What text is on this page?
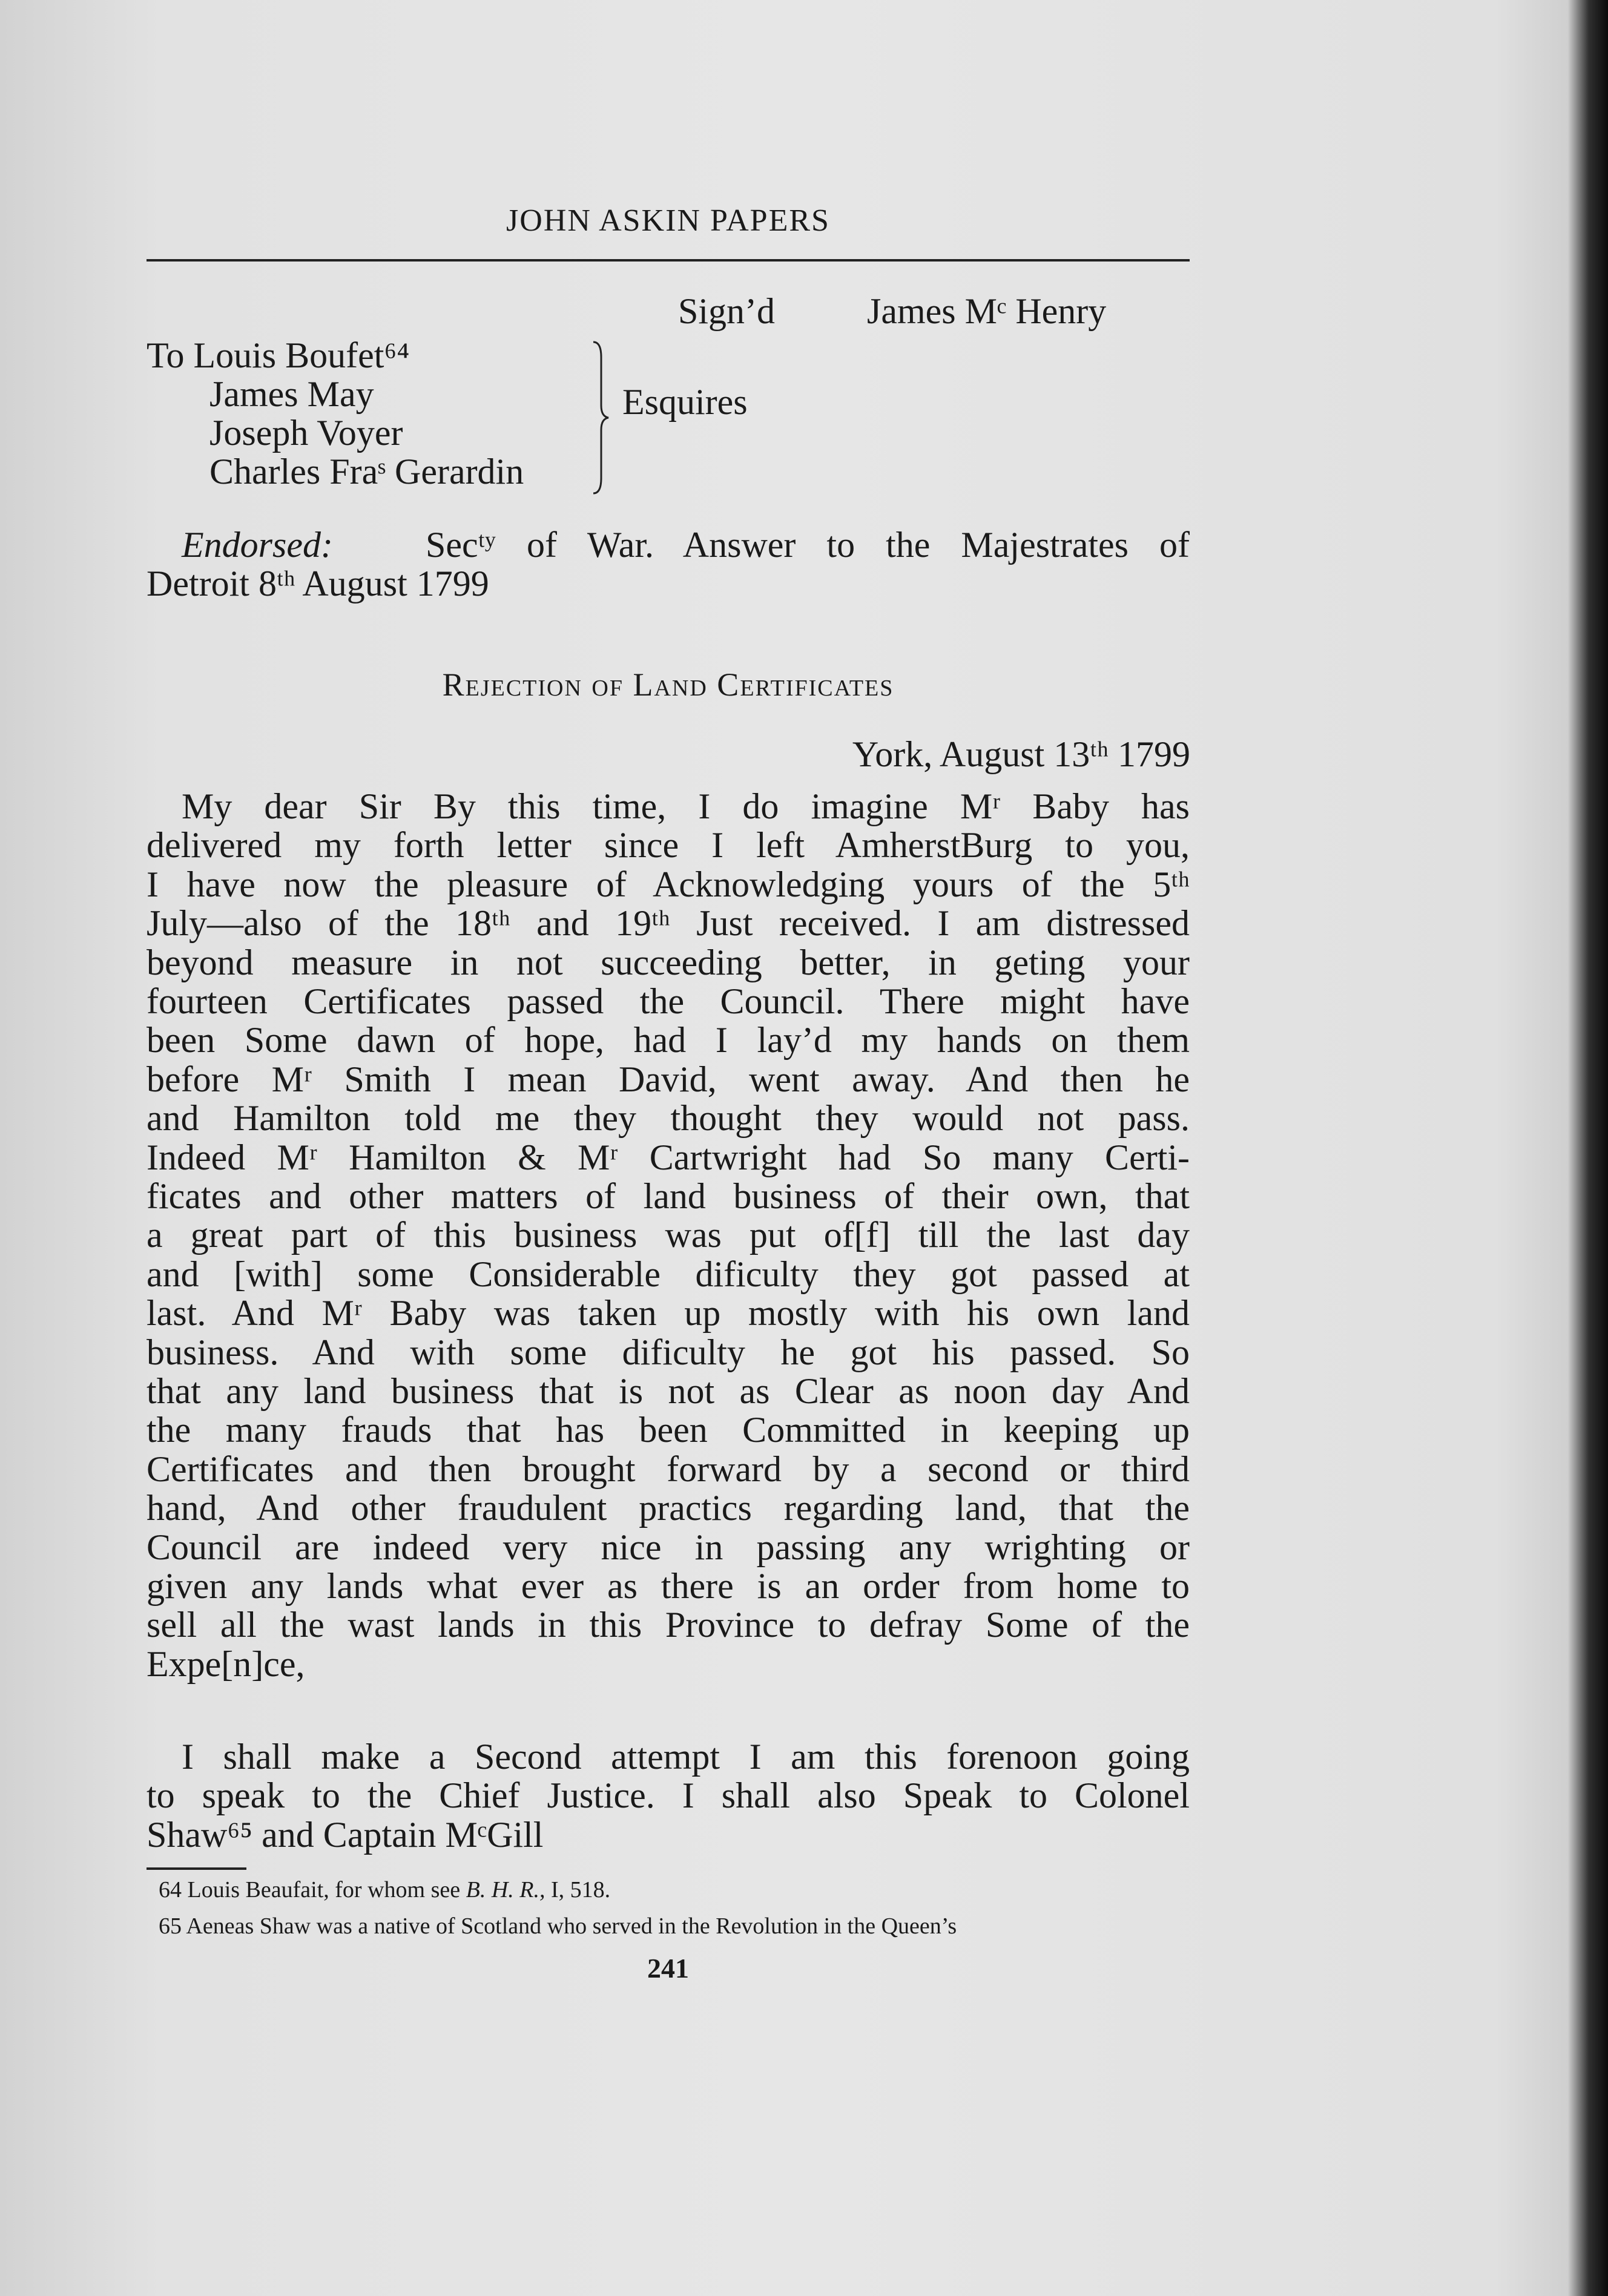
JOHN ASKIN PAPERS
Sign’d	James Mᶜ Henry
To Louis Boufet⁶⁴
James May
Joseph Voyer
Charles Fraˢ Gerardin
Esquires
Endorsed:	Secᵗʸ of War. Answer to the Majestrates of
Detroit 8ᵗʰ August 1799
Rejection of Land Certificates
York, August 13ᵗʰ 1799
My dear Sir By this time, I do imagine Mʳ Baby has
delivered my forth letter since I left AmherstBurg to you,
I have now the pleasure of Acknowledging yours of the 5ᵗʰ
July—also of the 18ᵗʰ and 19ᵗʰ Just received. I am distressed
beyond measure in not succeeding better, in geting your
fourteen Certificates passed the Council. There might have
been Some dawn of hope, had I lay’d my hands on them
before Mʳ Smith I mean David, went away. And then he
and Hamilton told me they thought they would not pass.
Indeed Mʳ Hamilton & Mʳ Cartwright had So many Certi-
ficates and other matters of land business of their own, that
a great part of this business was put of[f] till the last day
and [with] some Considerable dificulty they got passed at
last. And Mʳ Baby was taken up mostly with his own land
business. And with some dificulty he got his passed. So
that any land business that is not as Clear as noon day And
the many frauds that has been Committed in keeping up
Certificates and then brought forward by a second or third
hand, And other fraudulent practics regarding land, that the
Council are indeed very nice in passing any wrighting or
given any lands what ever as there is an order from home to
sell all the wast lands in this Province to defray Some of the
Expe[n]ce,
I shall make a Second attempt I am this forenoon going
to speak to the Chief Justice. I shall also Speak to Colonel
Shaw⁶⁵ and Captain MᶜGill
64 Louis Beaufait, for whom see B. H. R., I, 518.
65 Aeneas Shaw was a native of Scotland who served in the Revolution in the Queen’s
241
